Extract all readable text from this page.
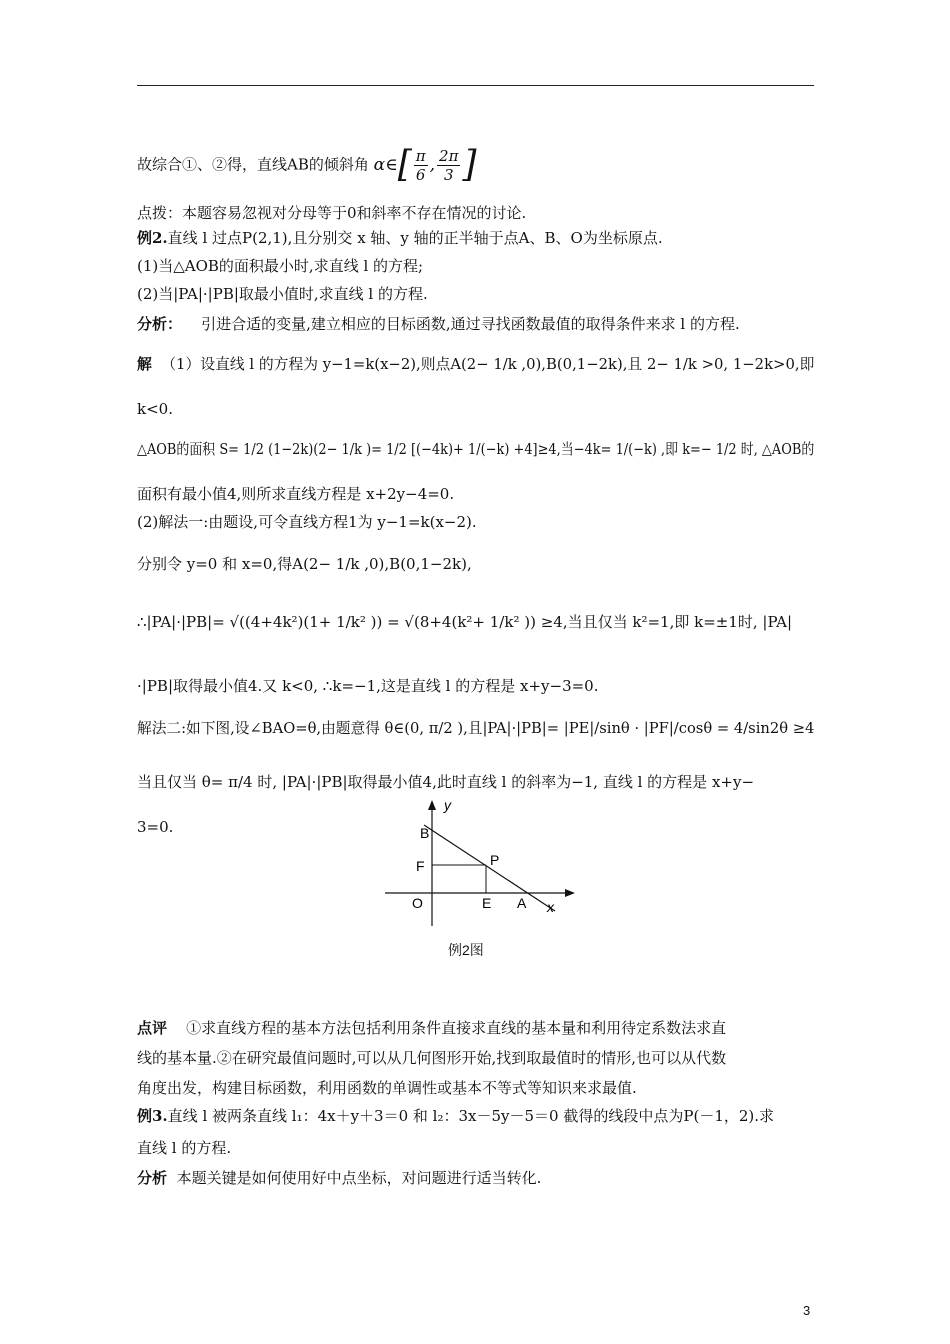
故综合①、②得，直线AB的倾斜角 α∈[ $\frac{\pi}{6}$ , $\frac{2\pi}{3}$ ]
点拨：本题容易忽视对分母等于0和斜率不存在情况的讨论.
例2.直线 l 过点P(2,1),且分别交 x 轴、y 轴的正半轴于点A、B、O为坐标原点.
(1)当△AOB的面积最小时,求直线 l 的方程;
(2)当|PA|·|PB|取最小值时,求直线 l 的方程.
分析： 引进合适的变量,建立相应的目标函数,通过寻找函数最值的取得条件来求 l 的方程.
解 （1）设直线 l 的方程为 y−1=k(x−2),则点A(2− 1/k ,0),B(0,1−2k),且 2− 1/k >0, 1−2k>0,即
k<0.
△AOB的面积 S= 1/2 (1−2k)(2− 1/k )= 1/2 [(−4k)+ 1/(−k) +4]≥4,当−4k= 1/(−k) ,即 k=− 1/2 时, △AOB的
面积有最小值4,则所求直线方程是 x+2y−4=0.
(2)解法一:由题设,可令直线方程1为 y−1=k(x−2).
分别令 y=0 和 x=0,得A(2− 1/k ,0),B(0,1−2k),
∴|PA|·|PB|= √((4+4k²)(1+ 1/k² )) = √(8+4(k²+ 1/k² )) ≥4,当且仅当 k²=1,即 k=±1时, |PA|
·|PB|取得最小值4.又 k<0, ∴k=−1,这是直线 l 的方程是 x+y−3=0.
解法二:如下图,设∠BAO=θ,由题意得 θ∈(0, π/2 ),且|PA|·|PB|= |PE|/sinθ · |PF|/cosθ = 4/sin2θ ≥4
当且仅当 θ= π/4 时, |PA|·|PB|取得最小值4,此时直线 l 的斜率为−1, 直线 l 的方程是 x+y−
3=0.
y
x
B
F	P
O	E A
例2图
点评 ①求直线方程的基本方法包括利用条件直接求直线的基本量和利用待定系数法求直
线的基本量.②在研究最值问题时,可以从几何图形开始,找到取最值时的情形,也可以从代数
角度出发，构建目标函数，利用函数的单调性或基本不等式等知识来求最值.
例3.直线 l 被两条直线 l₁：4x＋y＋3＝0 和 l₂：3x－5y－5＝0 截得的线段中点为P(－1，2).求
直线 l 的方程.
分析 本题关键是如何使用好中点坐标，对问题进行适当转化.
3
